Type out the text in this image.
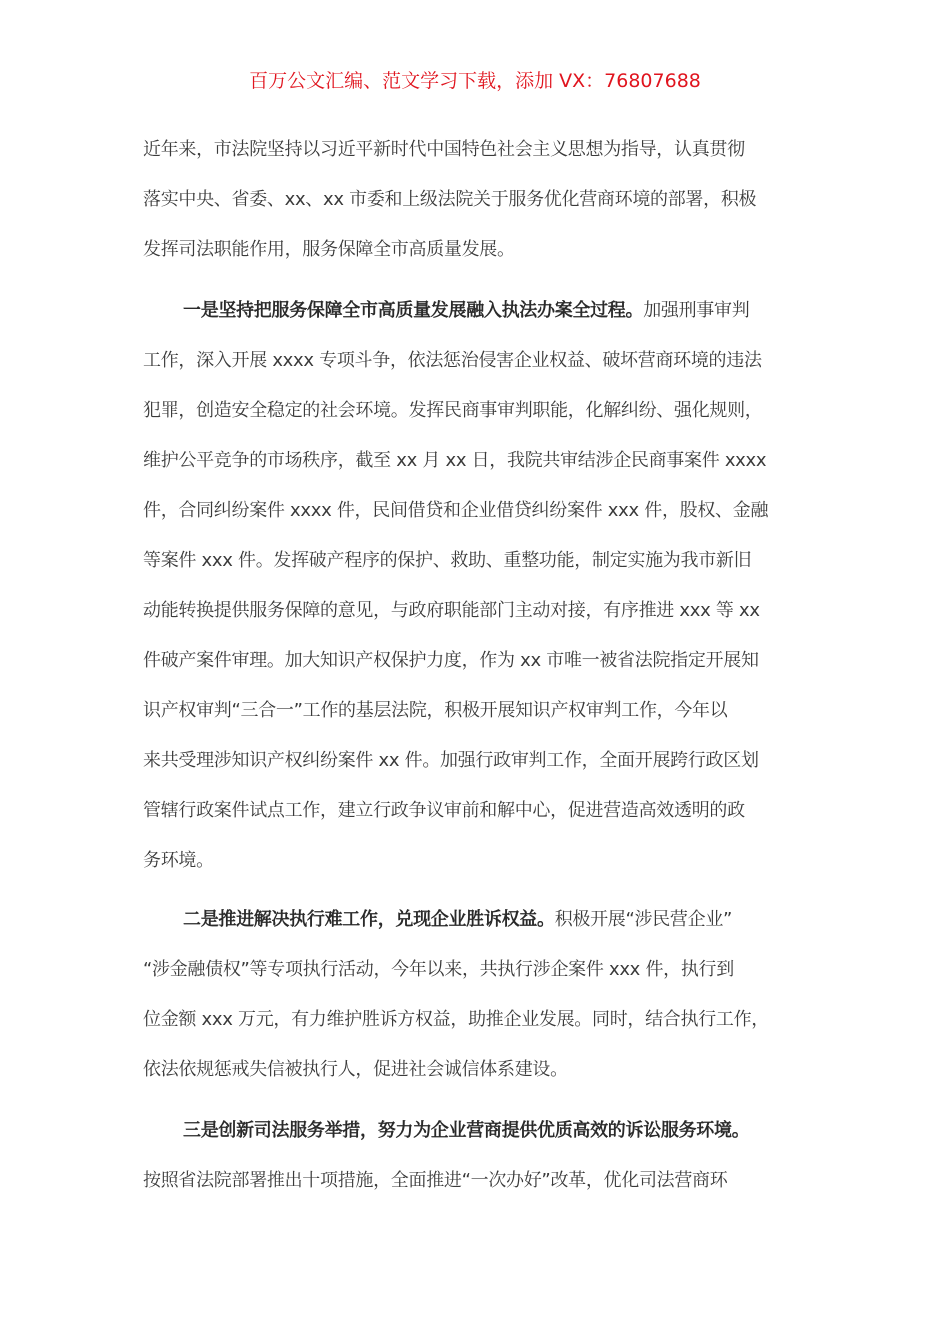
百万公文汇编、范文学习下载，添加 VX：76807688
近年来，市法院坚持以习近平新时代中国特色社会主义思想为指导，认真贯彻
落实中央、省委、xx、xx 市委和上级法院关于服务优化营商环境的部署，积极
发挥司法职能作用，服务保障全市高质量发展。
一是坚持把服务保障全市高质量发展融入执法办案全过程。加强刑事审判
工作，深入开展 xxxx 专项斗争，依法惩治侵害企业权益、破坏营商环境的违法
犯罪，创造安全稳定的社会环境。发挥民商事审判职能，化解纠纷、强化规则，
维护公平竞争的市场秩序，截至 xx 月 xx 日，我院共审结涉企民商事案件 xxxx
件，合同纠纷案件 xxxx 件，民间借贷和企业借贷纠纷案件 xxx 件，股权、金融
等案件 xxx 件。发挥破产程序的保护、救助、重整功能，制定实施为我市新旧
动能转换提供服务保障的意见，与政府职能部门主动对接，有序推进 xxx 等 xx
件破产案件审理。加大知识产权保护力度，作为 xx 市唯一被省法院指定开展知
识产权审判“三合一”工作的基层法院，积极开展知识产权审判工作，今年以
来共受理涉知识产权纠纷案件 xx 件。加强行政审判工作，全面开展跨行政区划
管辖行政案件试点工作，建立行政争议审前和解中心，促进营造高效透明的政
务环境。
二是推进解决执行难工作，兑现企业胜诉权益。积极开展“涉民营企业”
“涉金融债权”等专项执行活动，今年以来，共执行涉企案件 xxx 件，执行到
位金额 xxx 万元，有力维护胜诉方权益，助推企业发展。同时，结合执行工作，
依法依规惩戒失信被执行人，促进社会诚信体系建设。
三是创新司法服务举措，努力为企业营商提供优质高效的诉讼服务环境。
按照省法院部署推出十项措施，全面推进“一次办好”改革，优化司法营商环
